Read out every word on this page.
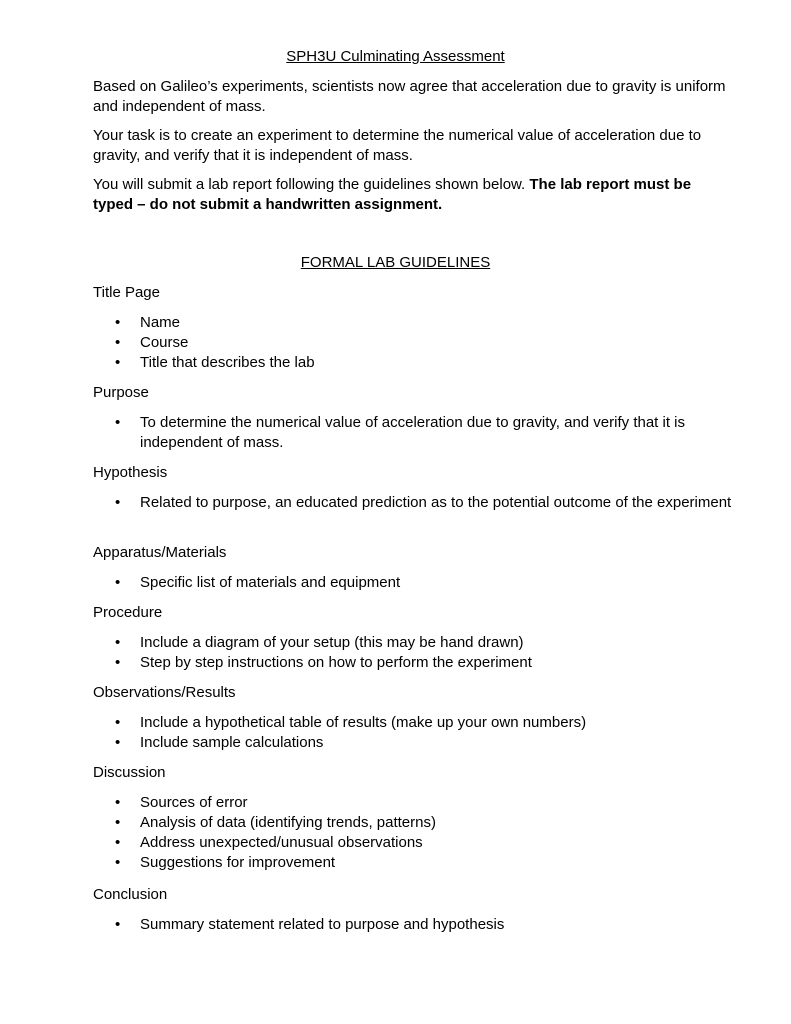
SPH3U Culminating Assessment

Based on Galileo’s experiments, scientists now agree that acceleration due to gravity is uniform and independent of mass.

Your task is to create an experiment to determine the numerical value of acceleration due to gravity, and verify that it is independent of mass.

You will submit a lab report following the guidelines shown below. The lab report must be typed – do not submit a handwritten assignment.

FORMAL LAB GUIDELINES
Title Page

• Name

• Course

• Title that describes the lab

Purpose

• To determine the numerical value of acceleration due to gravity, and verify that it is independent of mass.

Hypothesis

• Related to purpose, an educated prediction as to the potential outcome of the experiment

Apparatus/Materials

• Specific list of materials and equipment

Procedure

• Include a diagram of your setup (this may be hand drawn)

• Step by step instructions on how to perform the experiment

Observations/Results

• Include a hypothetical table of results (make up your own numbers)

• Include sample calculations

Discussion

• Sources of error

• Analysis of data (identifying trends, patterns)

• Address unexpected/unusual observations

• Suggestions for improvement

Conclusion

• Summary statement related to purpose and hypothesis
